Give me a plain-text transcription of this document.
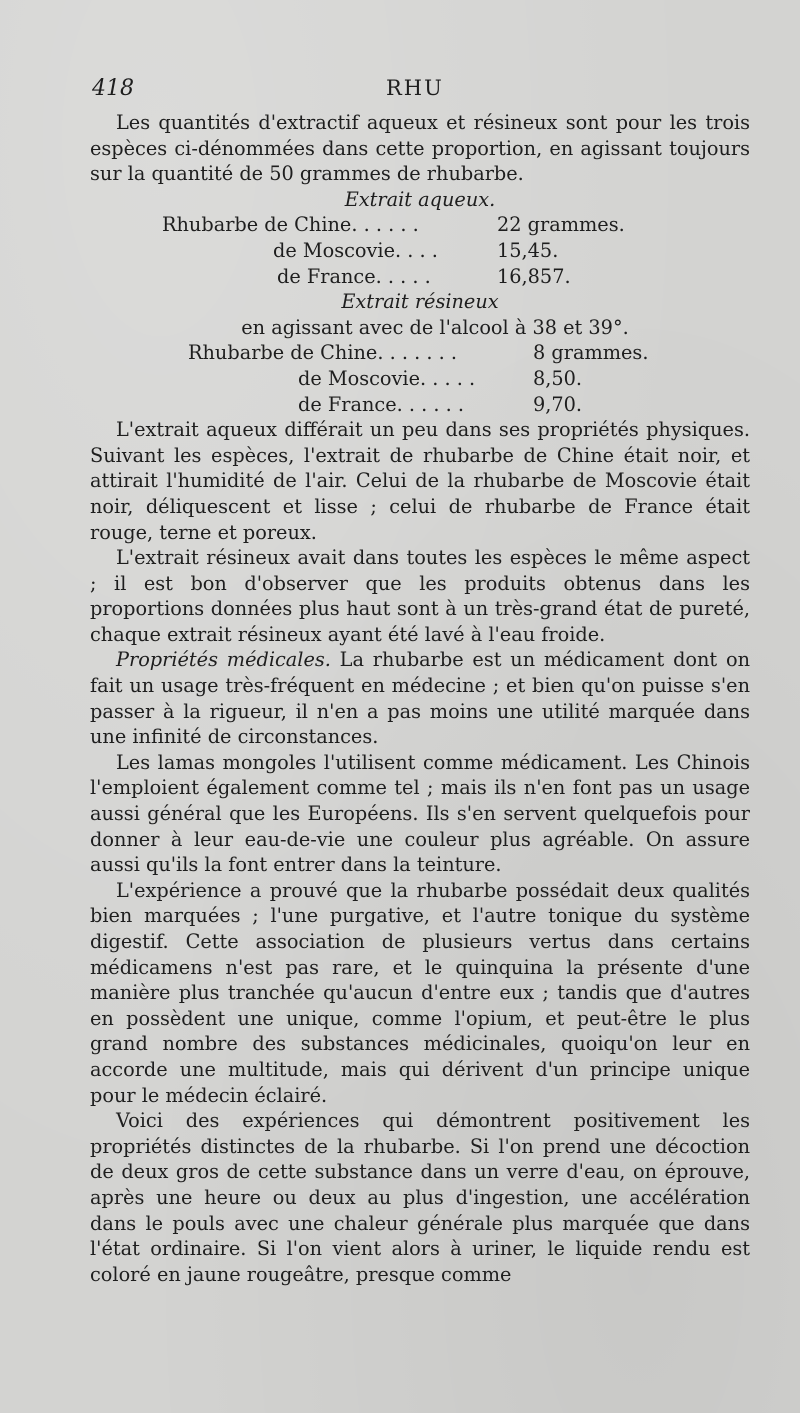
418	RHU

Les quantités d'extractif aqueux et résineux sont pour les trois espèces ci-dénommées dans cette proportion, en agissant toujours sur la quantité de 50 grammes de rhubarbe.

Extrait aqueux.
Rhubarbe de Chine. . . . . .	22 grammes.
de Moscovie. . . .	15,45.
de France. . . . .	16,857.
Extrait résineux
en agissant avec de l'alcool à 38 et 39°.
Rhubarbe de Chine. . . . . . .	8 grammes.
de Moscovie. . . . .	8,50.
de France. . . . . .	9,70.

L'extrait aqueux différait un peu dans ses propriétés physiques. Suivant les espèces, l'extrait de rhubarbe de Chine était noir, et attirait l'humidité de l'air. Celui de la rhubarbe de Moscovie était noir, déliquescent et lisse ; celui de rhubarbe de France était rouge, terne et poreux.

L'extrait résineux avait dans toutes les espèces le même aspect ; il est bon d'observer que les produits obtenus dans les proportions données plus haut sont à un très-grand état de pureté, chaque extrait résineux ayant été lavé à l'eau froide.

Propriétés médicales. La rhubarbe est un médicament dont on fait un usage très-fréquent en médecine ; et bien qu'on puisse s'en passer à la rigueur, il n'en a pas moins une utilité marquée dans une infinité de circonstances.

Les lamas mongoles l'utilisent comme médicament. Les Chinois l'emploient également comme tel ; mais ils n'en font pas un usage aussi général que les Européens. Ils s'en servent quelquefois pour donner à leur eau-de-vie une couleur plus agréable. On assure aussi qu'ils la font entrer dans la teinture.

L'expérience a prouvé que la rhubarbe possédait deux qualités bien marquées ; l'une purgative, et l'autre tonique du système digestif. Cette association de plusieurs vertus dans certains médicamens n'est pas rare, et le quinquina la présente d'une manière plus tranchée qu'aucun d'entre eux ; tandis que d'autres en possèdent une unique, comme l'opium, et peut-être le plus grand nombre des substances médicinales, quoiqu'on leur en accorde une multitude, mais qui dérivent d'un principe unique pour le médecin éclairé.

Voici des expériences qui démontrent positivement les propriétés distinctes de la rhubarbe. Si l'on prend une décoction de deux gros de cette substance dans un verre d'eau, on éprouve, après une heure ou deux au plus d'ingestion, une accélération dans le pouls avec une chaleur générale plus marquée que dans l'état ordinaire. Si l'on vient alors à uriner, le liquide rendu est coloré en jaune rougeâtre, presque comme
